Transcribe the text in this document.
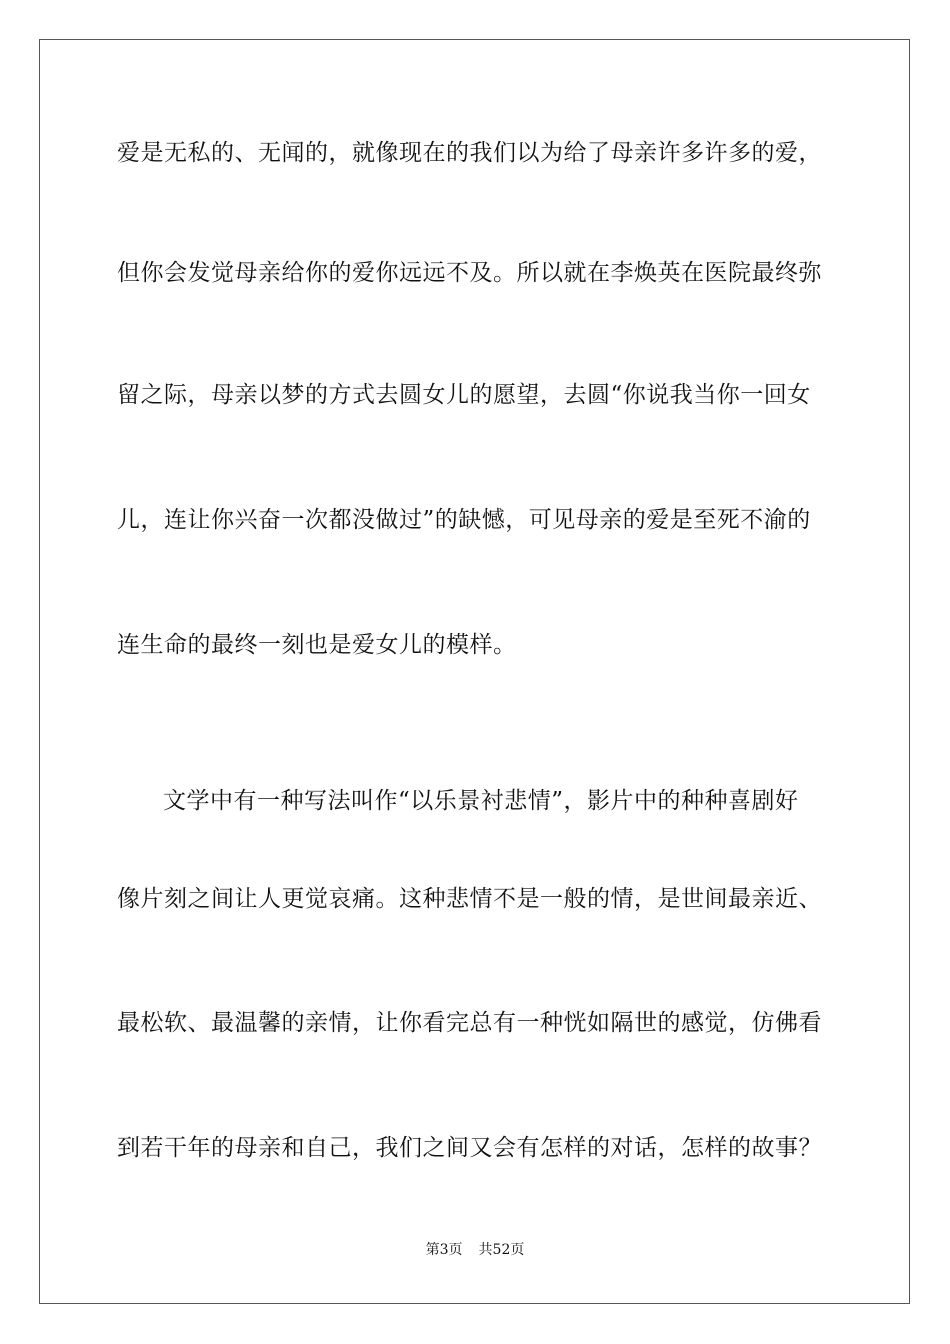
爱是无私的、无闻的，就像现在的我们以为给了母亲许多许多的爱，
但你会发觉母亲给你的爱你远远不及。所以就在李焕英在医院最终弥
留之际，母亲以梦的方式去圆女儿的愿望，去圆“你说我当你一回女
儿，连让你兴奋一次都没做过”的缺憾，可见母亲的爱是至死不渝的
连生命的最终一刻也是爱女儿的模样。
文学中有一种写法叫作“以乐景衬悲情”，影片中的种种喜剧好
像片刻之间让人更觉哀痛。这种悲情不是一般的情，是世间最亲近、
最松软、最温馨的亲情，让你看完总有一种恍如隔世的感觉，仿佛看
到若干年的母亲和自己，我们之间又会有怎样的对话，怎样的故事？
第3页 共52页
